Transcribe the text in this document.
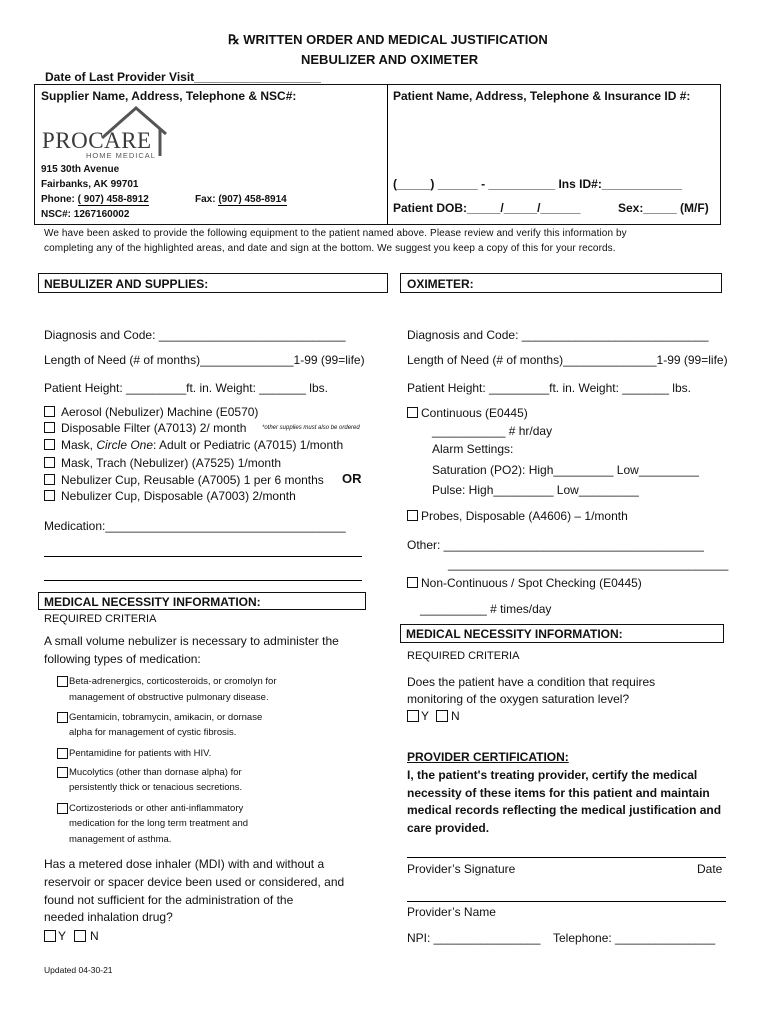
℞ WRITTEN ORDER AND MEDICAL JUSTIFICATION
NEBULIZER AND OXIMETER
Date of Last Provider Visit___________________
Supplier Name, Address, Telephone & NSC#:
PROCARE
HOME MEDICAL
915 30th Avenue
Fairbanks, AK 99701
Phone: ( 907) 458-8912	Fax: (907) 458-8914
NSC#: 1267160002
Patient Name, Address, Telephone & Insurance ID #:
(_____) ______ - __________ Ins ID#:____________
Patient DOB:_____/_____/______	Sex:_____ (M/F)
We have been asked to provide the following equipment to the patient named above. Please review and verify this information by
completing any of the highlighted areas, and date and sign at the bottom. We suggest you keep a copy of this for your records.
NEBULIZER AND SUPPLIES:	OXIMETER:
Diagnosis and Code: ____________________________
Length of Need (# of months)______________1-99 (99=life)
Patient Height: _________ft. in. Weight: _______ lbs.
Aerosol (Nebulizer) Machine (E0570)
Disposable Filter (A7013) 2/ month	*other supplies must also be ordered
Mask, Circle One: Adult or Pediatric (A7015) 1/month
Mask, Trach (Nebulizer) (A7525) 1/month
Nebulizer Cup, Reusable (A7005) 1 per 6 months OR
Nebulizer Cup, Disposable (A7003) 2/month
Medication:____________________________________
MEDICAL NECESSITY INFORMATION:
REQUIRED CRITERIA
A small volume nebulizer is necessary to administer the
following types of medication:
Beta-adrenergics, corticosteroids, or cromolyn for
management of obstructive pulmonary disease.
Gentamicin, tobramycin, amikacin, or dornase
alpha for management of cystic fibrosis.
Pentamidine for patients with HIV.
Mucolytics (other than dornase alpha) for
persistently thick or tenacious secretions.
Cortizosteriods or other anti-inflammatory
medication for the long term treatment and
management of asthma.
Has a metered dose inhaler (MDI) with and without a
reservoir or spacer device been used or considered, and
found not sufficient for the administration of the
needed inhalation drug?
Y N
Diagnosis and Code: ____________________________
Length of Need (# of months)______________1-99 (99=life)
Patient Height: _________ft. in. Weight: _______ lbs.
Continuous (E0445)
___________ # hr/day
Alarm Settings:
Saturation (PO2): High_________ Low_________
Pulse: High_________ Low_________
Probes, Disposable (A4606) – 1/month
Other: _______________________________________
__________________________________________
Non-Continuous / Spot Checking (E0445)
__________ # times/day
MEDICAL NECESSITY INFORMATION:
REQUIRED CRITERIA
Does the patient have a condition that requires
monitoring of the oxygen saturation level?
Y N
PROVIDER CERTIFICATION:
I, the patient's treating provider, certify the medical
necessity of these items for this patient and maintain
medical records reflecting the medical justification and
care provided.
Provider’s Signature	Date
Provider’s Name
NPI: ________________ Telephone: _______________
Updated 04-30-21
